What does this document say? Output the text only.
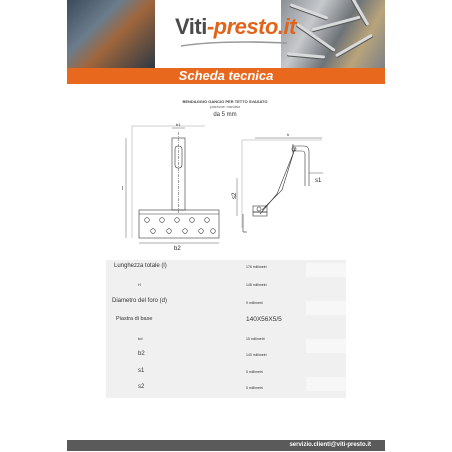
Viti-presto.it
Scheda tecnica
BENDAGGIO GANCIO PER TETTO SVASATO
posizione: mandala
da 5 mm
b1
l
b2
h
s1
s2
Lunghezza totale (l)	176 millimetri
H	148 millimetri
Diametro del foro (d)	9 millimetri
Piastra di base	140X56X5/5
bd	15 millimetri
b2	140 millimetri
s1	5 millimetri
s2	5 millimetri
servizio.clienti@viti-presto.it
